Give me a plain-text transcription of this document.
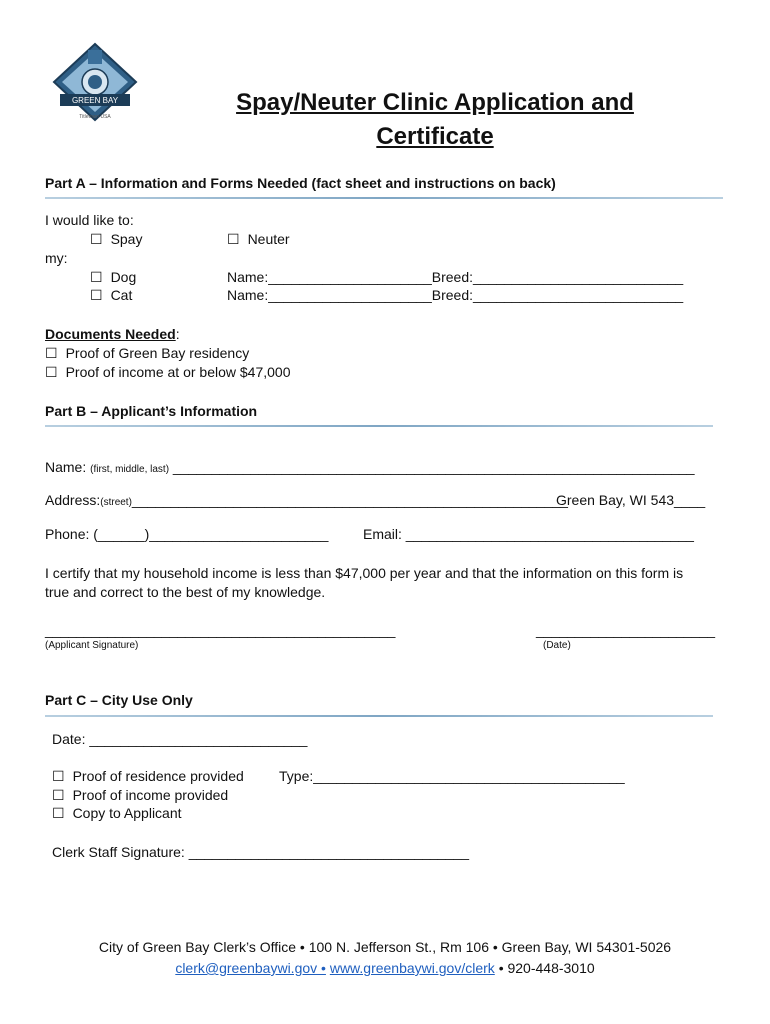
GREEN BAY
Titletown USA
Spay/Neuter Clinic Application and
Certificate
Part A – Information and Forms Needed (fact sheet and instructions on back)
I would like to:
☐ Spay	☐ Neuter
my:
☐ Dog	Name:_____________________Breed:___________________________
☐ Cat	Name:_____________________Breed:___________________________
Documents Needed:
☐ Proof of Green Bay residency
☐ Proof of income at or below $47,000
Part B – Applicant’s Information
Name: (first, middle, last) ___________________________________________________________________
Address:(street)________________________________________________________
Green Bay, WI 543____
Phone: (______)_______________________ Email: _____________________________________
I certify that my household income is less than $47,000 per year and that the information on this form is
true and correct to the best of my knowledge.
_____________________________________________	_______________________
(Applicant Signature)	(Date)
Part C – City Use Only
Date: ____________________________
☐ Proof of residence provided	Type:________________________________________
☐ Proof of income provided
☐ Copy to Applicant
Clerk Staff Signature: ____________________________________
City of Green Bay Clerk’s Office • 100 N. Jefferson St., Rm 106 • Green Bay, WI 54301-5026
clerk@greenbaywi.gov • www.greenbaywi.gov/clerk • 920-448-3010
